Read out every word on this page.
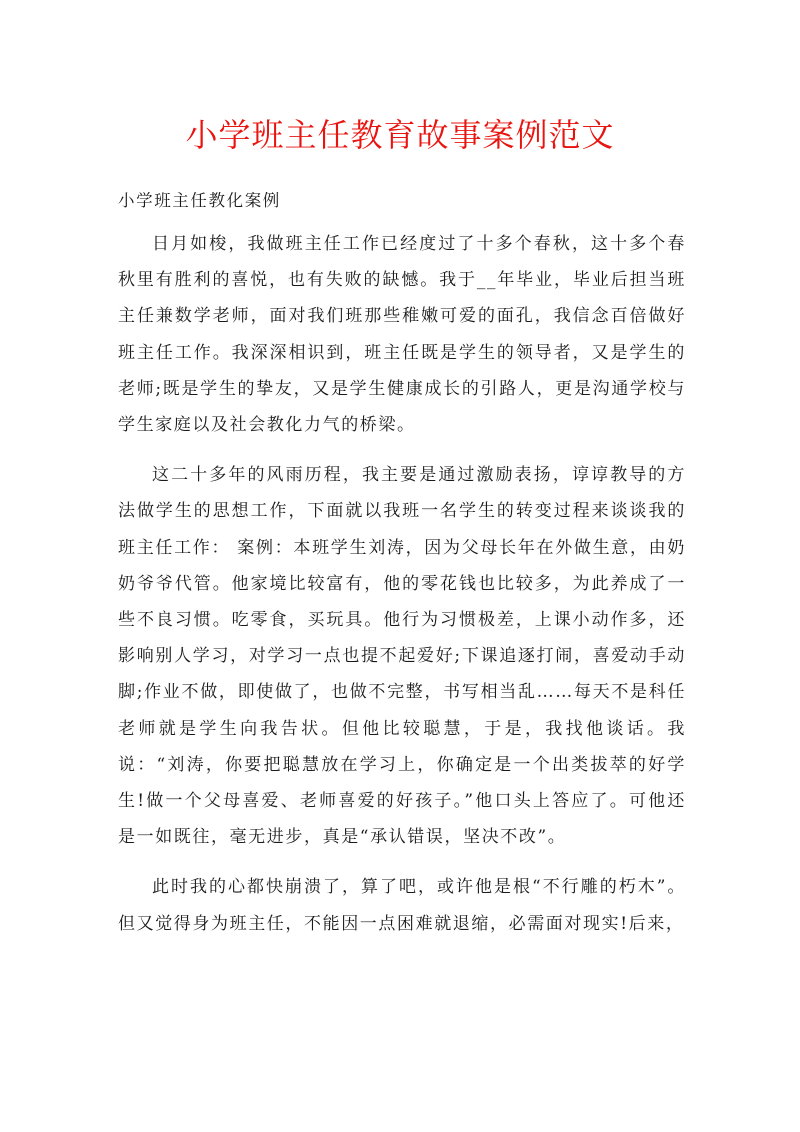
小学班主任教育故事案例范文

小学班主任教化案例

日月如梭，我做班主任工作已经度过了十多个春秋，这十多个春秋里有胜利的喜悦，也有失败的缺憾。我于__年毕业，毕业后担当班主任兼数学老师，面对我们班那些稚嫩可爱的面孔，我信念百倍做好班主任工作。我深深相识到，班主任既是学生的领导者，又是学生的老师;既是学生的挚友，又是学生健康成长的引路人，更是沟通学校与学生家庭以及社会教化力气的桥梁。

这二十多年的风雨历程，我主要是通过激励表扬，谆谆教导的方法做学生的思想工作，下面就以我班一名学生的转变过程来谈谈我的班主任工作： 案例：本班学生刘涛，因为父母长年在外做生意，由奶奶爷爷代管。他家境比较富有，他的零花钱也比较多，为此养成了一些不良习惯。吃零食，买玩具。他行为习惯极差，上课小动作多，还影响别人学习，对学习一点也提不起爱好;下课追逐打闹，喜爱动手动脚;作业不做，即使做了，也做不完整，书写相当乱……每天不是科任老师就是学生向我告状。但他比较聪慧，于是，我找他谈话。我说：“刘涛，你要把聪慧放在学习上，你确定是一个出类拔萃的好学生!做一个父母喜爱、老师喜爱的好孩子。”他口头上答应了。可他还是一如既往，毫无进步，真是“承认错误，坚决不改”。

此时我的心都快崩溃了，算了吧，或许他是根“不行雕的朽木”。但又觉得身为班主任，不能因一点困难就退缩，必需面对现实!后来，
